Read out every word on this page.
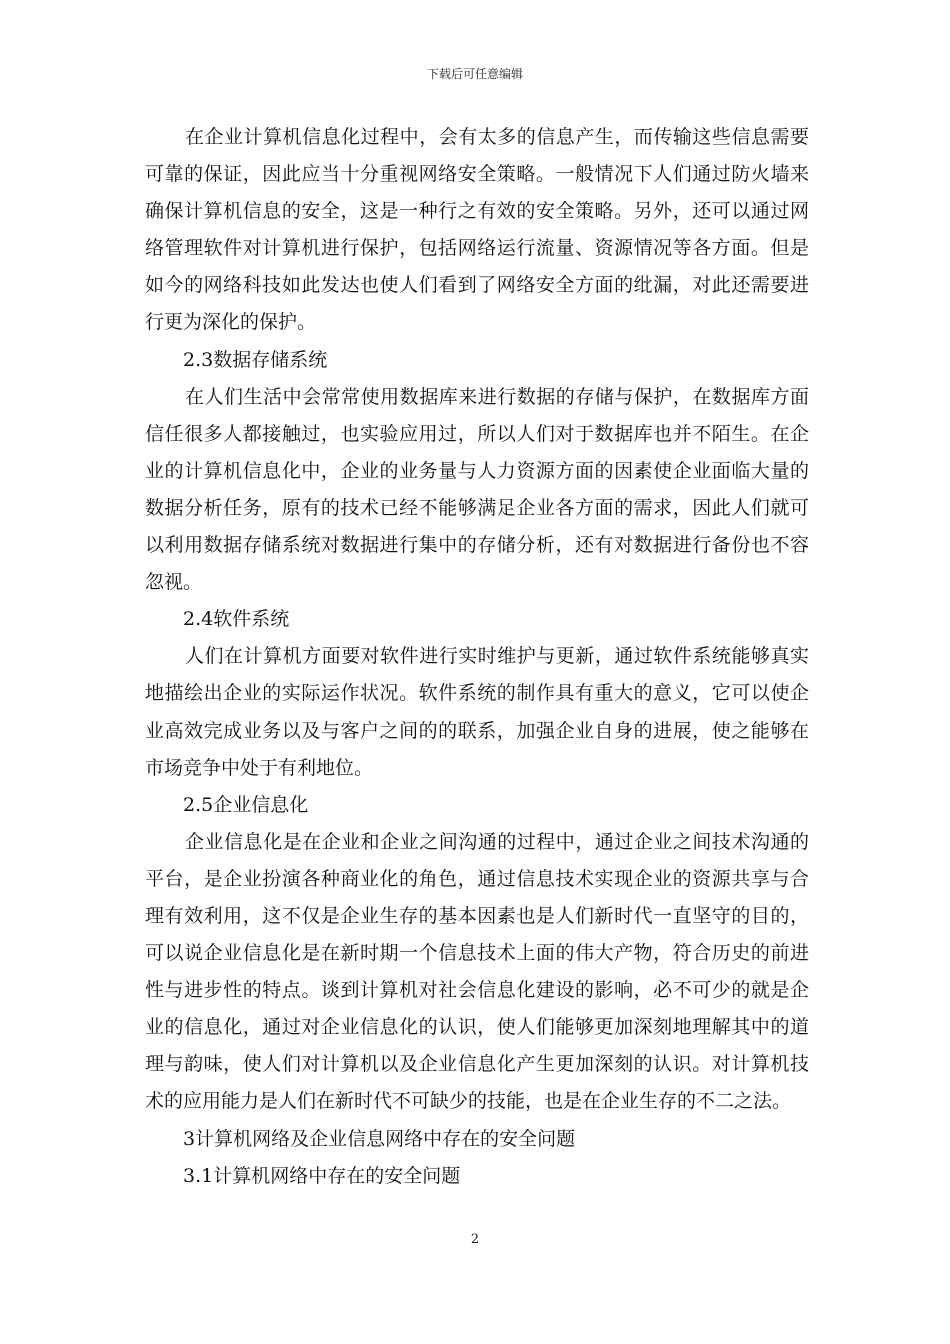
下载后可任意编辑

在企业计算机信息化过程中，会有太多的信息产生，而传输这些信息需要可靠的保证，因此应当十分重视网络安全策略。一般情况下人们通过防火墙来确保计算机信息的安全，这是一种行之有效的安全策略。另外，还可以通过网络管理软件对计算机进行保护，包括网络运行流量、资源情况等各方面。但是如今的网络科技如此发达也使人们看到了网络安全方面的纰漏，对此还需要进行更为深化的保护。

2.3数据存储系统

在人们生活中会常常使用数据库来进行数据的存储与保护，在数据库方面信任很多人都接触过，也实验应用过，所以人们对于数据库也并不陌生。在企业的计算机信息化中，企业的业务量与人力资源方面的因素使企业面临大量的数据分析任务，原有的技术已经不能够满足企业各方面的需求，因此人们就可以利用数据存储系统对数据进行集中的存储分析，还有对数据进行备份也不容忽视。

2.4软件系统

人们在计算机方面要对软件进行实时维护与更新，通过软件系统能够真实地描绘出企业的实际运作状况。软件系统的制作具有重大的意义，它可以使企业高效完成业务以及与客户之间的的联系，加强企业自身的进展，使之能够在市场竞争中处于有利地位。

2.5企业信息化

企业信息化是在企业和企业之间沟通的过程中，通过企业之间技术沟通的平台，是企业扮演各种商业化的角色，通过信息技术实现企业的资源共享与合理有效利用，这不仅是企业生存的基本因素也是人们新时代一直坚守的目的，可以说企业信息化是在新时期一个信息技术上面的伟大产物，符合历史的前进性与进步性的特点。谈到计算机对社会信息化建设的影响，必不可少的就是企业的信息化，通过对企业信息化的认识，使人们能够更加深刻地理解其中的道理与韵味，使人们对计算机以及企业信息化产生更加深刻的认识。对计算机技术的应用能力是人们在新时代不可缺少的技能，也是在企业生存的不二之法。

3计算机网络及企业信息网络中存在的安全问题

3.1计算机网络中存在的安全问题

2
